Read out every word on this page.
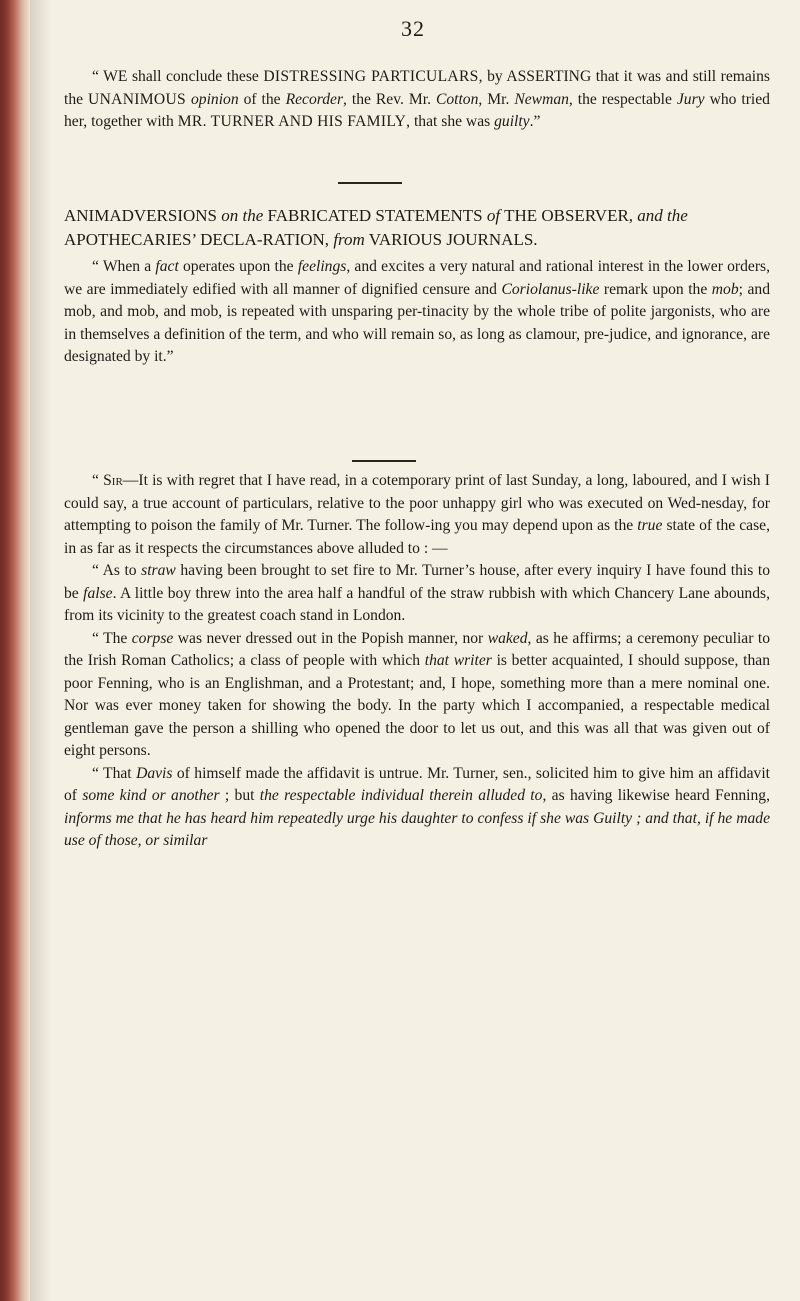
32

“ WE shall conclude these DISTRESSING PARTICULARS, by ASSERTING that it was and still remains the UNANIMOUS opinion of the Recorder, the Rev. Mr. Cotton, Mr. Newman, the respectable Jury who tried her, together with MR. TURNER AND HIS FAMILY, that she was guilty.”

ANIMADVERSIONS on the FABRICATED STATEMENTS of THE OBSERVER, and the APOTHECARIES’ DECLA-RATION, from VARIOUS JOURNALS.

“ When a fact operates upon the feelings, and excites a very natural and rational interest in the lower orders, we are immediately edified with all manner of dignified censure and Coriolanus-like remark upon the mob; and mob, and mob, and mob, is repeated with unsparing per-tinacity by the whole tribe of polite jargonists, who are in themselves a definition of the term, and who will remain so, as long as clamour, pre-judice, and ignorance, are designated by it.”

“ Sir—It is with regret that I have read, in a cotemporary print of last Sunday, a long, laboured, and I wish I could say, a true account of particulars, relative to the poor unhappy girl who was executed on Wed-nesday, for attempting to poison the family of Mr. Turner. The follow-ing you may depend upon as the true state of the case, in as far as it respects the circumstances above alluded to : —

“ As to straw having been brought to set fire to Mr. Turner’s house, after every inquiry I have found this to be false. A little boy threw into the area half a handful of the straw rubbish with which Chancery Lane abounds, from its vicinity to the greatest coach stand in London.

“ The corpse was never dressed out in the Popish manner, nor waked, as he affirms; a ceremony peculiar to the Irish Roman Catholics; a class of people with which that writer is better acquainted, I should suppose, than poor Fenning, who is an Englishman, and a Protestant; and, I hope, something more than a mere nominal one. Nor was ever money taken for showing the body. In the party which I accompanied, a respectable medical gentleman gave the person a shilling who opened the door to let us out, and this was all that was given out of eight persons.

“ That Davis of himself made the affidavit is untrue. Mr. Turner, sen., solicited him to give him an affidavit of some kind or another ; but the respectable individual therein alluded to, as having likewise heard Fenning, informs me that he has heard him repeatedly urge his daughter to confess if she was Guilty ; and that, if he made use of those, or similar
